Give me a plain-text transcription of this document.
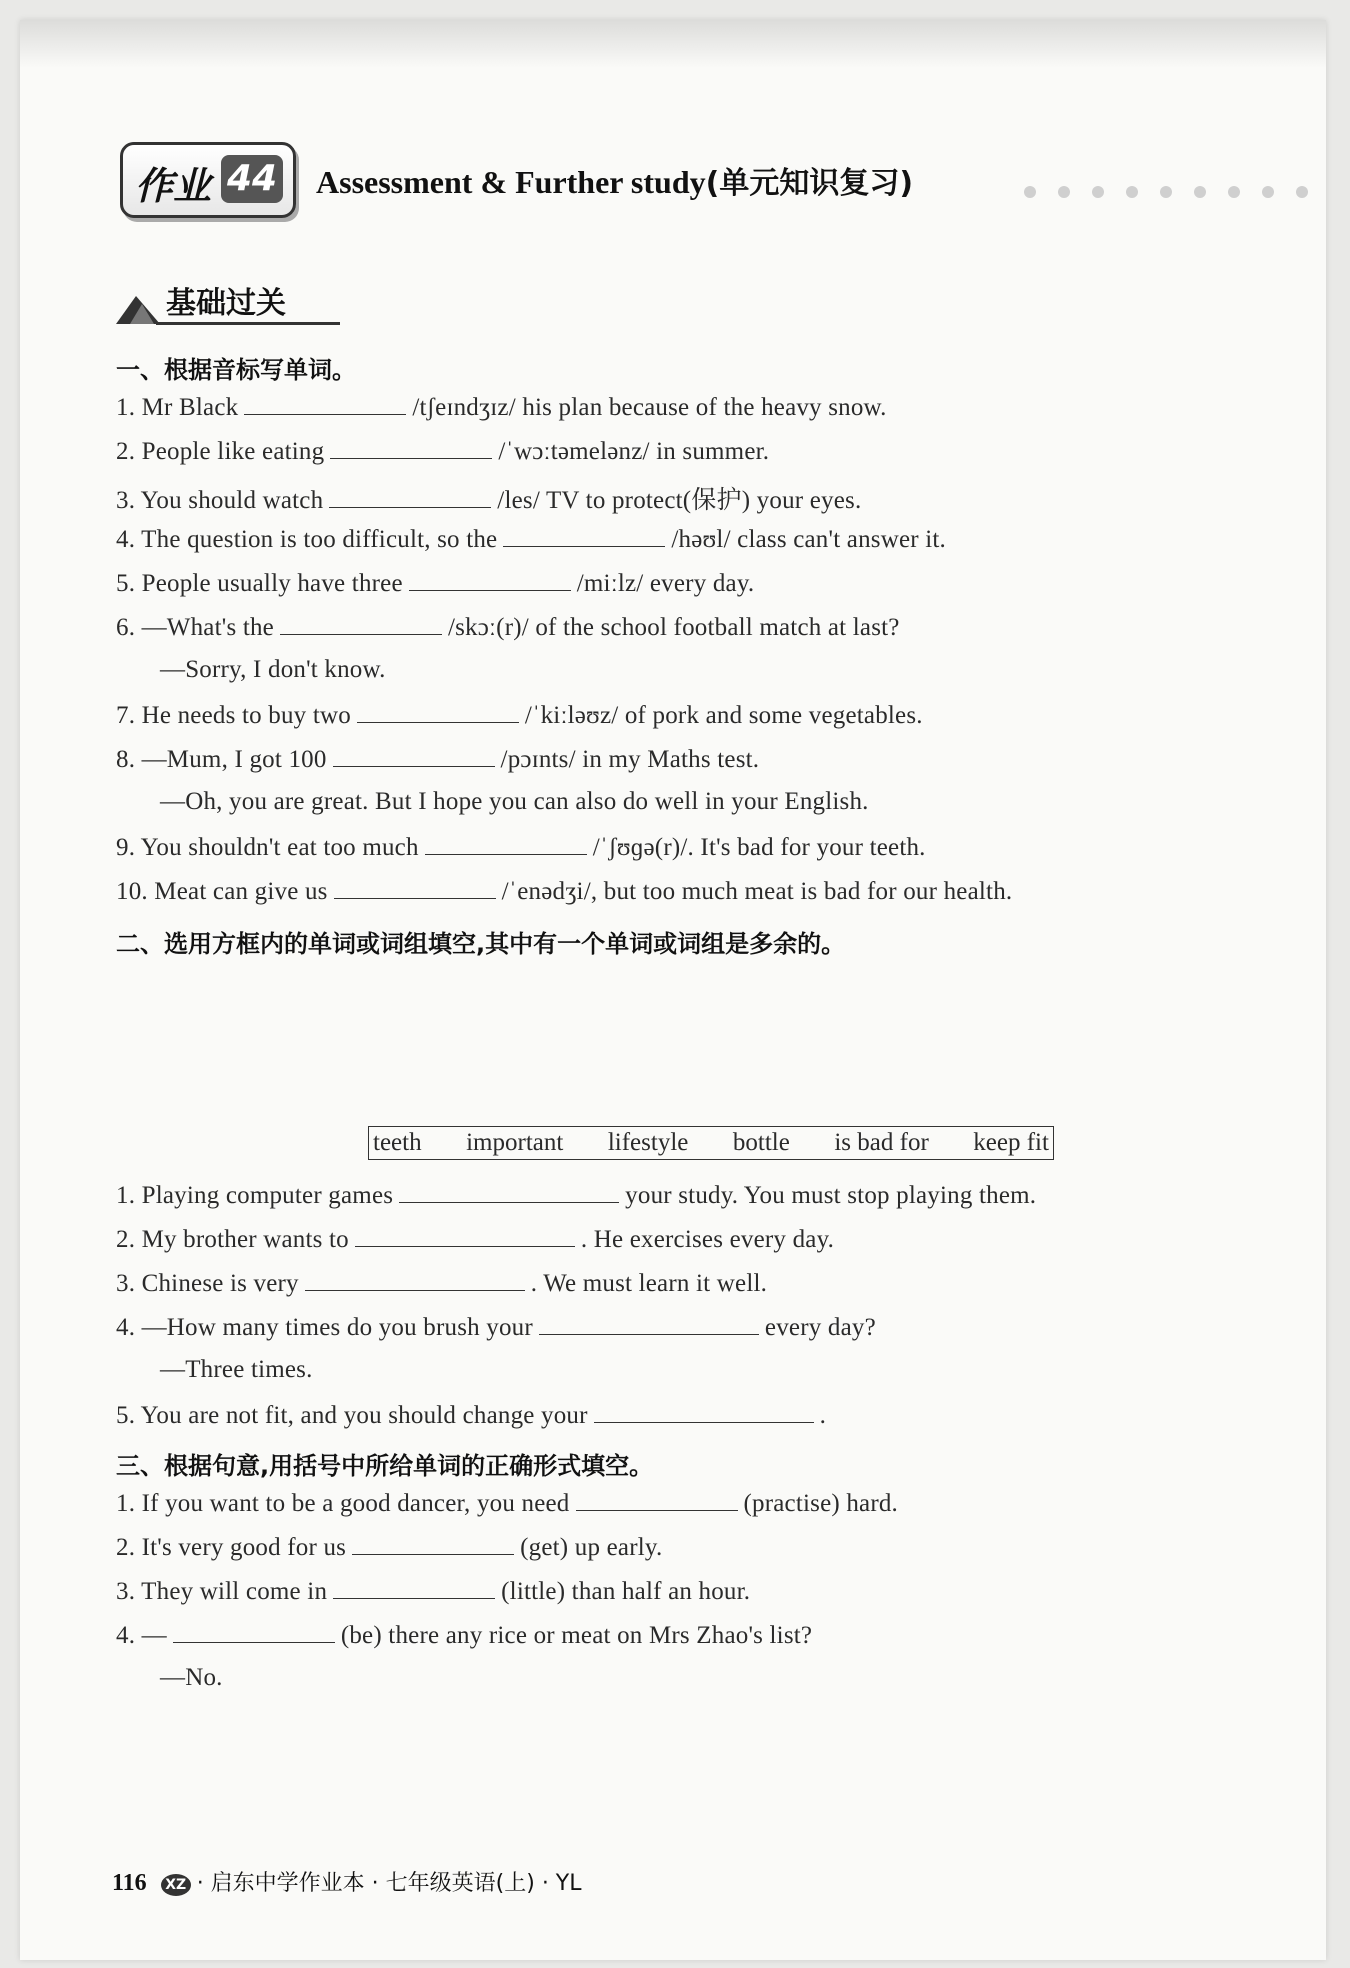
作业 44 Assessment & Further study(单元知识复习)
基础过关
一、根据音标写单词。
1. Mr Black	/tʃeɪndʒɪz/ his plan because of the heavy snow.
2. People like eating	/ˈwɔːtəmelənz/ in summer.
3. You should watch	/les/ TV to protect(保护) your eyes.
4. The question is too difficult, so the	/həʊl/ class can't answer it.
5. People usually have three	/miːlz/ every day.
6. —What's the	/skɔː(r)/ of the school football match at last?
—Sorry, I don't know.
7. He needs to buy two	/ˈkiːləʊz/ of pork and some vegetables.
8. —Mum, I got 100	/pɔɪnts/ in my Maths test.
—Oh, you are great. But I hope you can also do well in your English.
9. You shouldn't eat too much	/ˈʃʊɡə(r)/. It's bad for your teeth.
10. Meat can give us	/ˈenədʒi/, but too much meat is bad for our health.
二、选用方框内的单词或词组填空,其中有一个单词或词组是多余的。
teeth important lifestyle bottle is bad for keep fit
1. Playing computer games	your study. You must stop playing them.
2. My brother wants to	. He exercises every day.
3. Chinese is very	. We must learn it well.
4. —How many times do you brush your	every day?
—Three times.
5. You are not fit, and you should change your	.
三、根据句意,用括号中所给单词的正确形式填空。
1. If you want to be a good dancer, you need	(practise) hard.
2. It's very good for us	(get) up early.
3. They will come in	(little) than half an hour.
4. —	(be) there any rice or meat on Mrs Zhao's list?
—No.
116 XZ · 启东中学作业本 · 七年级英语(上) · YL
